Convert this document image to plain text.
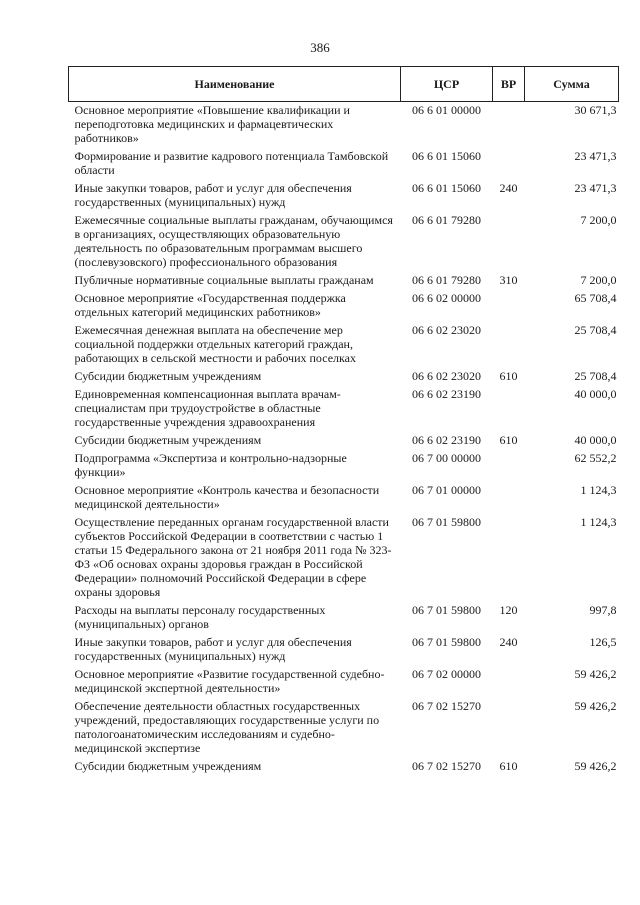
386
Наименование	ЦСР	ВР	Сумма
Основное мероприятие «Повышение квалификации и переподготовка медицинских и фармацевтических работников»	06 6 01 00000		30 671,3
Формирование и развитие кадрового потенциала Тамбовской области	06 6 01 15060		23 471,3
Иные закупки товаров, работ и услуг для обеспечения государственных (муниципальных) нужд	06 6 01 15060	240	23 471,3
Ежемесячные социальные выплаты гражданам, обучающимся в организациях, осуществляющих образовательную деятельность по образовательным программам высшего (послевузовского) профессионального образования	06 6 01 79280		7 200,0
Публичные нормативные социальные выплаты гражданам	06 6 01 79280	310	7 200,0
Основное мероприятие «Государственная поддержка отдельных категорий медицинских работников»	06 6 02 00000		65 708,4
Ежемесячная денежная выплата на обеспечение мер социальной поддержки отдельных категорий граждан, работающих в сельской местности и рабочих поселках	06 6 02 23020		25 708,4
Субсидии бюджетным учреждениям	06 6 02 23020	610	25 708,4
Единовременная компенсационная выплата врачам-специалистам при трудоустройстве в областные государственные учреждения здравоохранения	06 6 02 23190		40 000,0
Субсидии бюджетным учреждениям	06 6 02 23190	610	40 000,0
Подпрограмма «Экспертиза и контрольно-надзорные функции»	06 7 00 00000		62 552,2
Основное мероприятие «Контроль качества и безопасности медицинской деятельности»	06 7 01 00000		1 124,3
Осуществление переданных органам государственной власти субъектов Российской Федерации в соответствии с частью 1 статьи 15 Федерального закона от 21 ноября 2011 года № 323-ФЗ «Об основах охраны здоровья граждан в Российской Федерации» полномочий Российской Федерации в сфере охраны здоровья	06 7 01 59800		1 124,3
Расходы на выплаты персоналу государственных (муниципальных) органов	06 7 01 59800	120	997,8
Иные закупки товаров, работ и услуг для обеспечения государственных (муниципальных) нужд	06 7 01 59800	240	126,5
Основное мероприятие «Развитие государственной судебно-медицинской экспертной деятельности»	06 7 02 00000		59 426,2
Обеспечение деятельности областных государственных учреждений, предоставляющих государственные услуги по патологоанатомическим исследованиям и судебно-медицинской экспертизе	06 7 02 15270		59 426,2
Субсидии бюджетным учреждениям	06 7 02 15270	610	59 426,2
